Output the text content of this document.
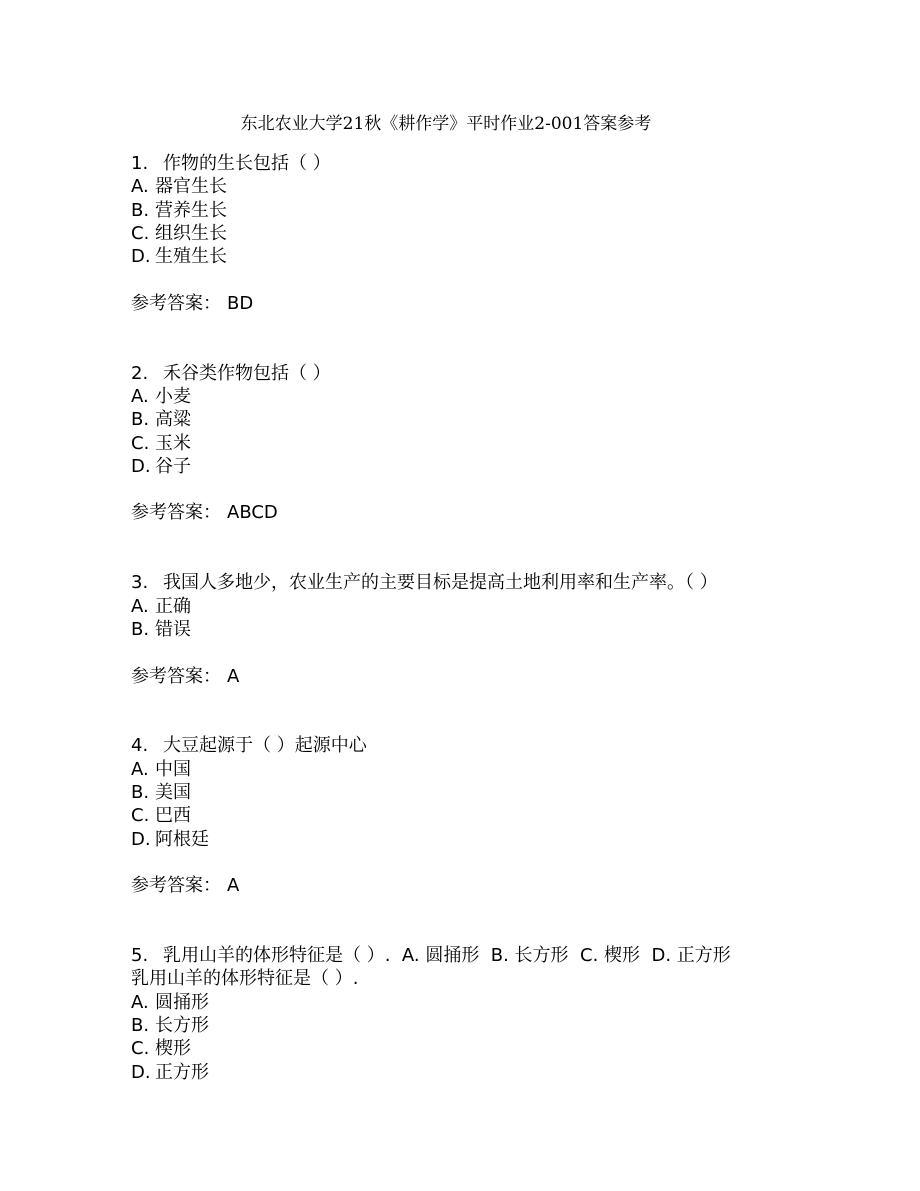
东北农业大学21秋《耕作学》平时作业2-001答案参考
1. 作物的生长包括（ ）
A. 器官生长
B. 营养生长
C. 组织生长
D. 生殖生长
参考答案： BD
2. 禾谷类作物包括（ ）
A. 小麦
B. 高粱
C. 玉米
D. 谷子
参考答案： ABCD
3. 我国人多地少，农业生产的主要目标是提高土地利用率和生产率。（ ）
A. 正确
B. 错误
参考答案： A
4. 大豆起源于（ ）起源中心
A. 中国
B. 美国
C. 巴西
D. 阿根廷
参考答案： A
5. 乳用山羊的体形特征是（ ）.  A. 圆捅形  B. 长方形  C. 楔形  D. 正方形
乳用山羊的体形特征是（ ）.
A. 圆捅形
B. 长方形
C. 楔形
D. 正方形
